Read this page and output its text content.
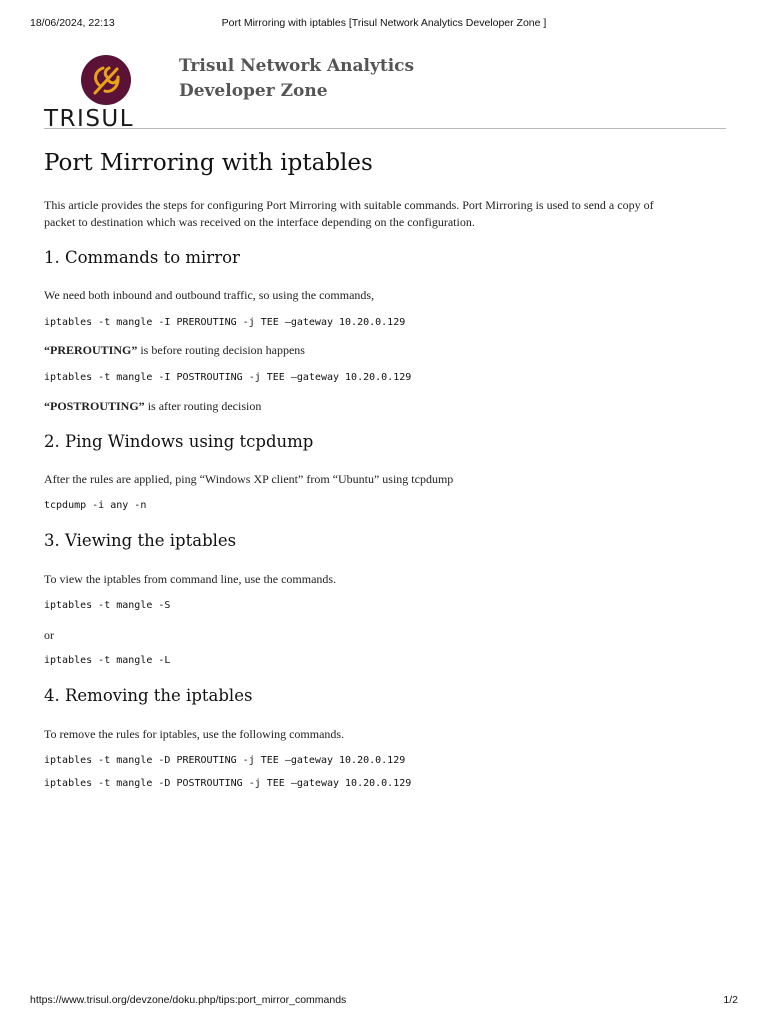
18/06/2024, 22:13	Port Mirroring with iptables [Trisul Network Analytics Developer Zone ]
TRISUL
Trisul Network Analytics
Developer Zone
Port Mirroring with iptables
This article provides the steps for configuring Port Mirroring with suitable commands. Port Mirroring is used to send a copy of
packet to destination which was received on the interface depending on the configuration.
1. Commands to mirror
We need both inbound and outbound traffic, so using the commands,
iptables -t mangle -I PREROUTING -j TEE –gateway 10.20.0.129
“PREROUTING” is before routing decision happens
iptables -t mangle -I POSTROUTING -j TEE –gateway 10.20.0.129
“POSTROUTING” is after routing decision
2. Ping Windows using tcpdump
After the rules are applied, ping “Windows XP client” from “Ubuntu” using tcpdump
tcpdump -i any -n
3. Viewing the iptables
To view the iptables from command line, use the commands.
iptables -t mangle -S
or
iptables -t mangle -L
4. Removing the iptables
To remove the rules for iptables, use the following commands.
iptables -t mangle -D PREROUTING -j TEE –gateway 10.20.0.129
iptables -t mangle -D POSTROUTING -j TEE –gateway 10.20.0.129
https://www.trisul.org/devzone/doku.php/tips:port_mirror_commands	1/2
